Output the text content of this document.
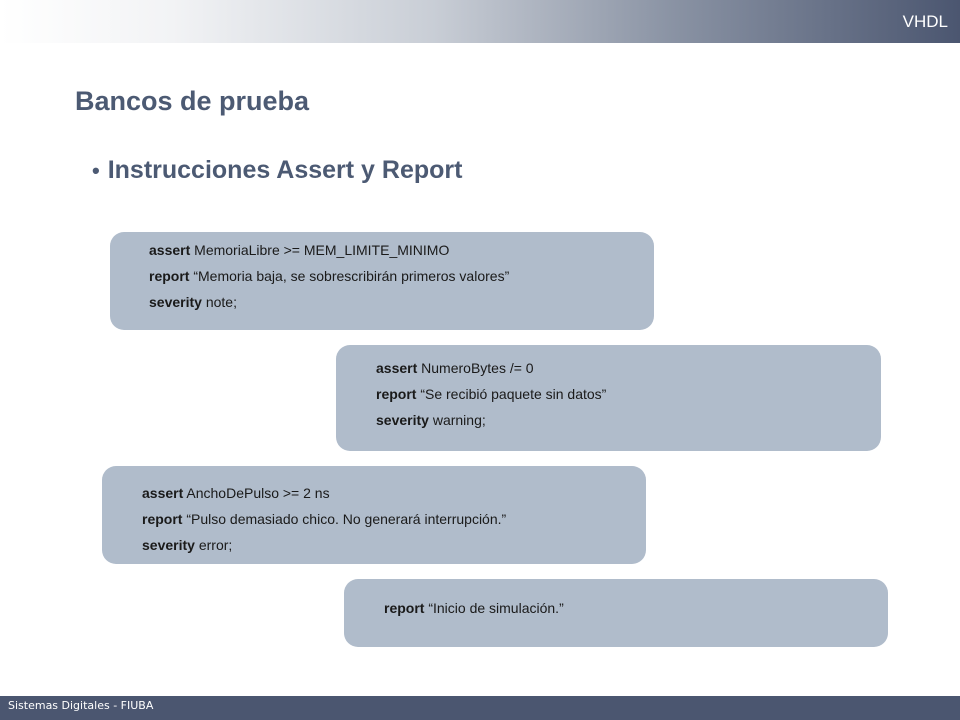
VHDL
Bancos de prueba
• Instrucciones Assert y Report
assert MemoriaLibre >= MEM_LIMITE_MINIMO
report “Memoria baja, se sobrescribirán primeros valores”
severity note;
assert NumeroBytes /= 0
report “Se recibió paquete sin datos”
severity warning;
assert AnchoDePulso >= 2 ns
report “Pulso demasiado chico. No generará interrupción.”
severity error;
report “Inicio de simulación.”
Sistemas Digitales - FIUBA
